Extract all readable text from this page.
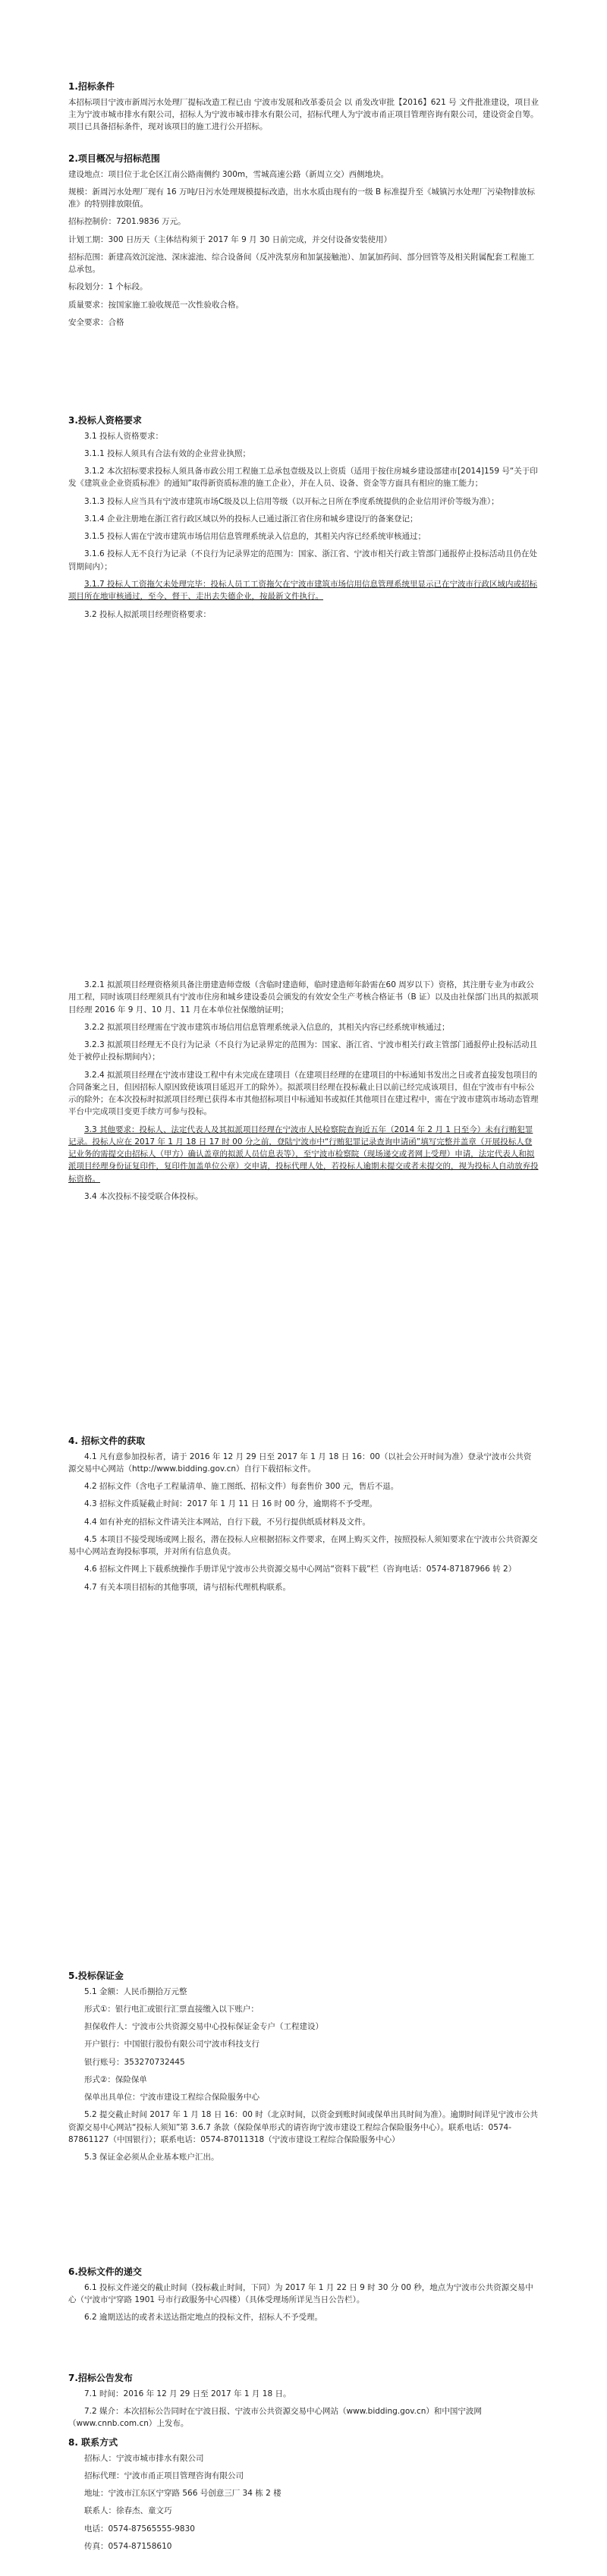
1.招标条件

本招标项目宁波市新周污水处理厂提标改造工程已由 宁波市发展和改革委员会 以 甬发改审批【2016】621 号 文件批准建设，项目业主为宁波市城市排水有限公司，招标人为宁波市城市排水有限公司，招标代理人为宁波市甬正项目管理咨询有限公司，建设资金自筹。项目已具备招标条件，现对该项目的施工进行公开招标。

2.项目概况与招标范围

建设地点：项目位于北仑区江南公路南侧约 300m，雪城高速公路（新周立交）西侧地块。

规模：新周污水处理厂现有 16 万吨/日污水处理规模提标改造，出水水质由现有的一级 B 标准提升至《城镇污水处理厂污染物排放标准》的特别排放限值。

招标控制价：7201.9836 万元。

计划工期：300 日历天（主体结构须于 2017 年 9 月 30 日前完成，并交付设备安装使用）

招标范围：新建高效沉淀池、深床滤池、综合设备间（反冲洗泵房和加氯接触池）、加氯加药间、部分回管等及相关附属配套工程施工总承包。

标段划分：1 个标段。

质量要求：按国家施工验收规范一次性验收合格。

安全要求：合格

3.投标人资格要求

3.1 投标人资格要求：

3.1.1 投标人须具有合法有效的企业营业执照；

3.1.2 本次招标要求投标人须具备市政公用工程施工总承包壹级及以上资质（适用于按住房城乡建设部建市[2014]159 号“关于印发《建筑业企业资质标准》的通知”取得新资质标准的施工企业），并在人员、设备、资金等方面具有相应的施工能力；

3.1.3 投标人应当具有宁波市建筑市场C级及以上信用等级（以开标之日所在季度系统提供的企业信用评价等级为准）；

3.1.4 企业注册地在浙江省行政区域以外的投标人已通过浙江省住房和城乡建设厅的备案登记；

3.1.5 投标人需在宁波市建筑市场信用信息管理系统录入信息的，其相关内容已经系统审核通过；

3.1.6 投标人无不良行为记录（不良行为记录界定的范围为：国家、浙江省、宁波市相关行政主管部门通报停止投标活动且仍在处罚期间内）；

3.1.7 投标人工资拖欠未处理完毕：投标人员工工资拖欠在宁波市建筑市场信用信息管理系统里显示已在宁波市行政区域内或招标项目所在地审核通过，至今、督干、走出去失德企业，按最新文件执行。

3.2 投标人拟派项目经理资格要求：

3.2.1 拟派项目经理资格须具备注册建造师壹级（含临时建造师，临时建造师年龄需在60 周岁以下）资格，其注册专业为市政公用工程，同时该项目经理须具有宁波市住房和城乡建设委员会颁发的有效安全生产考核合格证书（B 证）以及由社保部门出具的拟派项目经理 2016 年 9 月、10 月、11 月在本单位社保缴纳证明；

3.2.2 拟派项目经理需在宁波市建筑市场信用信息管理系统录入信息的，其相关内容已经系统审核通过；

3.2.3 拟派项目经理无不良行为记录（不良行为记录界定的范围为：国家、浙江省、宁波市相关行政主管部门通报停止投标活动且处于被停止投标期间内）；

3.2.4 拟派项目经理在宁波市建设工程中有未完成在建项目（在建项目经理的在建项目的中标通知书发出之日或者直接发包项目的合同备案之日，但因招标人原因致使该项目延迟开工的除外）。拟派项目经理在投标截止日以前已经完成该项目，但在宁波市有中标公示的除外；在本次投标时拟派项目经理已获得本市其他招标项目中标通知书或拟任其他项目在建过程中，需在宁波市建筑市场动态管理平台中完成项目变更手续方可参与投标。

3.3 其他要求：投标人、法定代表人及其拟派项目经理在宁波市人民检察院查询近五年（2014 年 2 月 1 日至今）未有行贿犯罪记录。投标人应在 2017 年 1 月 18 日 17 时 00 分之前，登陆宁波市中“行贿犯罪记录查询申请函”填写完整并盖章（开展投标人登记业务的需提交由招标人（甲方）确认盖章的拟派人员信息表等），至宁波市检察院（现场递交或者网上受理）申请，法定代表人和拟派项目经理身份证复印件，复印件加盖单位公章）交申请，投标代理人处，若投标人逾期未提交或者未提交的，视为投标人自动放弃投标资格。

3.4 本次投标不接受联合体投标。

4. 招标文件的获取

4.1 凡有意参加投标者，请于 2016 年 12 月 29 日至 2017 年 1 月 18 日 16：00（以社会公开时间为准）登录宁波市公共资源交易中心网站（http://www.bidding.gov.cn）自行下载招标文件。

4.2 招标文件（含电子工程量清单、施工图纸、招标文件）每套售价 300 元，售后不退。

4.3 招标文件质疑截止时间：2017 年 1 月 11 日 16 时 00 分，逾期将不予受理。

4.4 如有补充的招标文件请关注本网站，自行下载，不另行提供纸质材料及文件。

4.5 本项目不接受现场或网上报名，潜在投标人应根据招标文件要求，在网上购买文件，按照投标人须知要求在宁波市公共资源交易中心网站查询投标事项，并对所有信息负责。

4.6 招标文件网上下载系统操作手册详见宁波市公共资源交易中心网站“资料下载”栏（咨询电话：0574-87187966 转 2）

4.7 有关本项目招标的其他事项，请与招标代理机构联系。

5.投标保证金

5.1 金额：人民币捌拾万元整

形式①：银行电汇或银行汇票直接缴入以下账户：

担保收件人：宁波市公共资源交易中心投标保证金专户（工程建设）

开户银行：中国银行股份有限公司宁波市科技支行

银行账号：353270732445

形式②：保险保单

保单出具单位：宁波市建设工程综合保险服务中心

5.2 提交截止时间 2017 年 1 月 18 日 16：00 时（北京时间，以资金到账时间或保单出具时间为准）。逾期时间详见宁波市公共资源交易中心网站“投标人须知”第 3.6.7 条款（保险保单形式的请咨询宁波市建设工程综合保险服务中心）。联系电话：0574-87861127（中国银行）；联系电话：0574-87011318（宁波市建设工程综合保险服务中心）

5.3 保证金必须从企业基本账户汇出。

6.投标文件的递交

6.1 投标文件递交的截止时间（投标截止时间，下同）为 2017 年 1 月 22 日 9 时 30 分 00 秒，地点为宁波市公共资源交易中心（宁波市宁穿路 1901 号市行政服务中心四楼）（具体受理场所详见当日公告栏）。

6.2 逾期送达的或者未送达指定地点的投标文件，招标人不予受理。

7.招标公告发布

7.1 时间：2016 年 12 月 29 日至 2017 年 1 月 18 日。

7.2 媒介：本次招标公告同时在宁波日报、宁波市公共资源交易中心网站（www.bidding.gov.cn）和中国宁波网（www.cnnb.com.cn）上发布。

8. 联系方式

招标人：宁波市城市排水有限公司

招标代理：宁波市甬正项目管理咨询有限公司

地址：宁波市江东区宁穿路 566 号创意三厂 34 栋 2 楼

联系人：徐春杰、童文巧

电话：0574-87565555-9830

传真：0574-87158610
